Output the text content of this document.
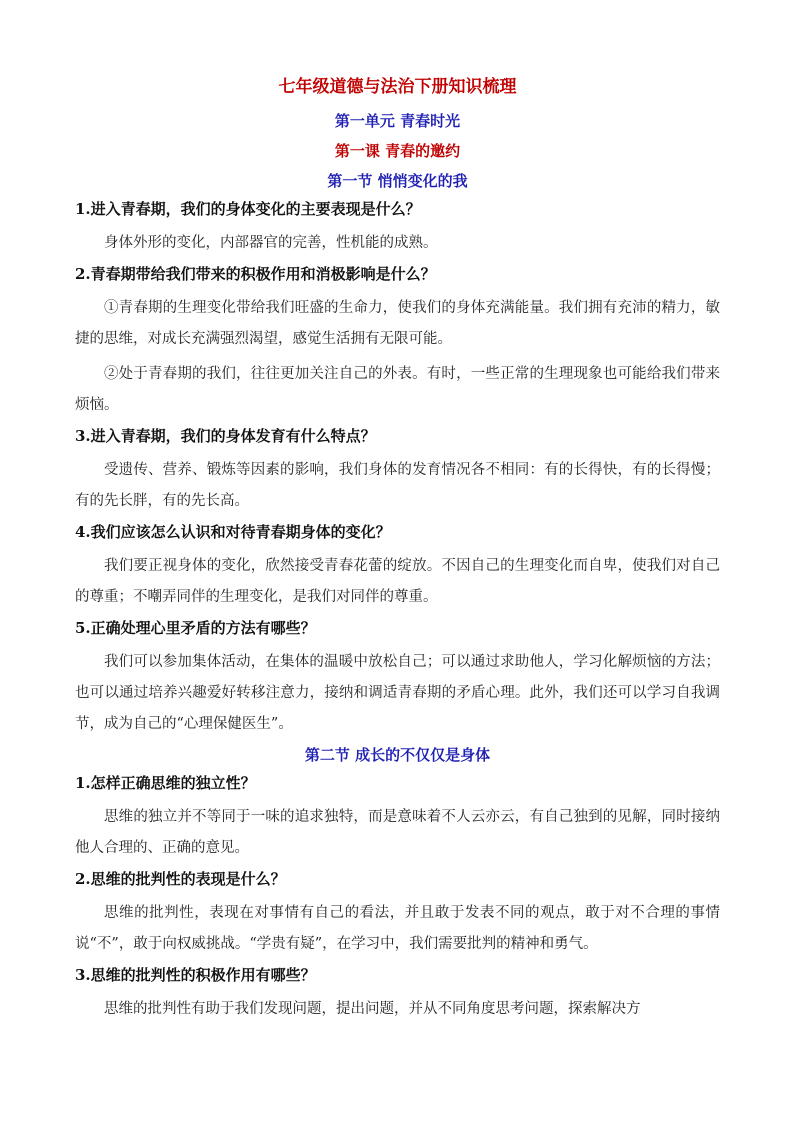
七年级道德与法治下册知识梳理
第一单元 青春时光
第一课 青春的邀约
第一节 悄悄变化的我
1.进入青春期，我们的身体变化的主要表现是什么？

身体外形的变化，内部器官的完善，性机能的成熟。

2.青春期带给我们带来的积极作用和消极影响是什么？

①青春期的生理变化带给我们旺盛的生命力，使我们的身体充满能量。我们拥有充沛的精力，敏捷的思维，对成长充满强烈渴望，感觉生活拥有无限可能。

②处于青春期的我们，往往更加关注自己的外表。有时，一些正常的生理现象也可能给我们带来烦恼。

3.进入青春期，我们的身体发育有什么特点？

受遗传、营养、锻炼等因素的影响，我们身体的发育情况各不相同：有的长得快，有的长得慢；有的先长胖，有的先长高。

4.我们应该怎么认识和对待青春期身体的变化？

我们要正视身体的变化，欣然接受青春花蕾的绽放。不因自己的生理变化而自卑，使我们对自己的尊重；不嘲弄同伴的生理变化，是我们对同伴的尊重。

5.正确处理心里矛盾的方法有哪些？

我们可以参加集体活动，在集体的温暖中放松自己；可以通过求助他人，学习化解烦恼的方法；也可以通过培养兴趣爱好转移注意力，接纳和调适青春期的矛盾心理。此外，我们还可以学习自我调节，成为自己的“心理保健医生”。

第二节 成长的不仅仅是身体
1.怎样正确思维的独立性？

思维的独立并不等同于一味的追求独特，而是意味着不人云亦云，有自己独到的见解，同时接纳他人合理的、正确的意见。

2.思维的批判性的表现是什么？

思维的批判性，表现在对事情有自己的看法，并且敢于发表不同的观点，敢于对不合理的事情说“不”，敢于向权威挑战。“学贵有疑”，在学习中，我们需要批判的精神和勇气。

3.思维的批判性的积极作用有哪些？

思维的批判性有助于我们发现问题，提出问题，并从不同角度思考问题，探索解决方
